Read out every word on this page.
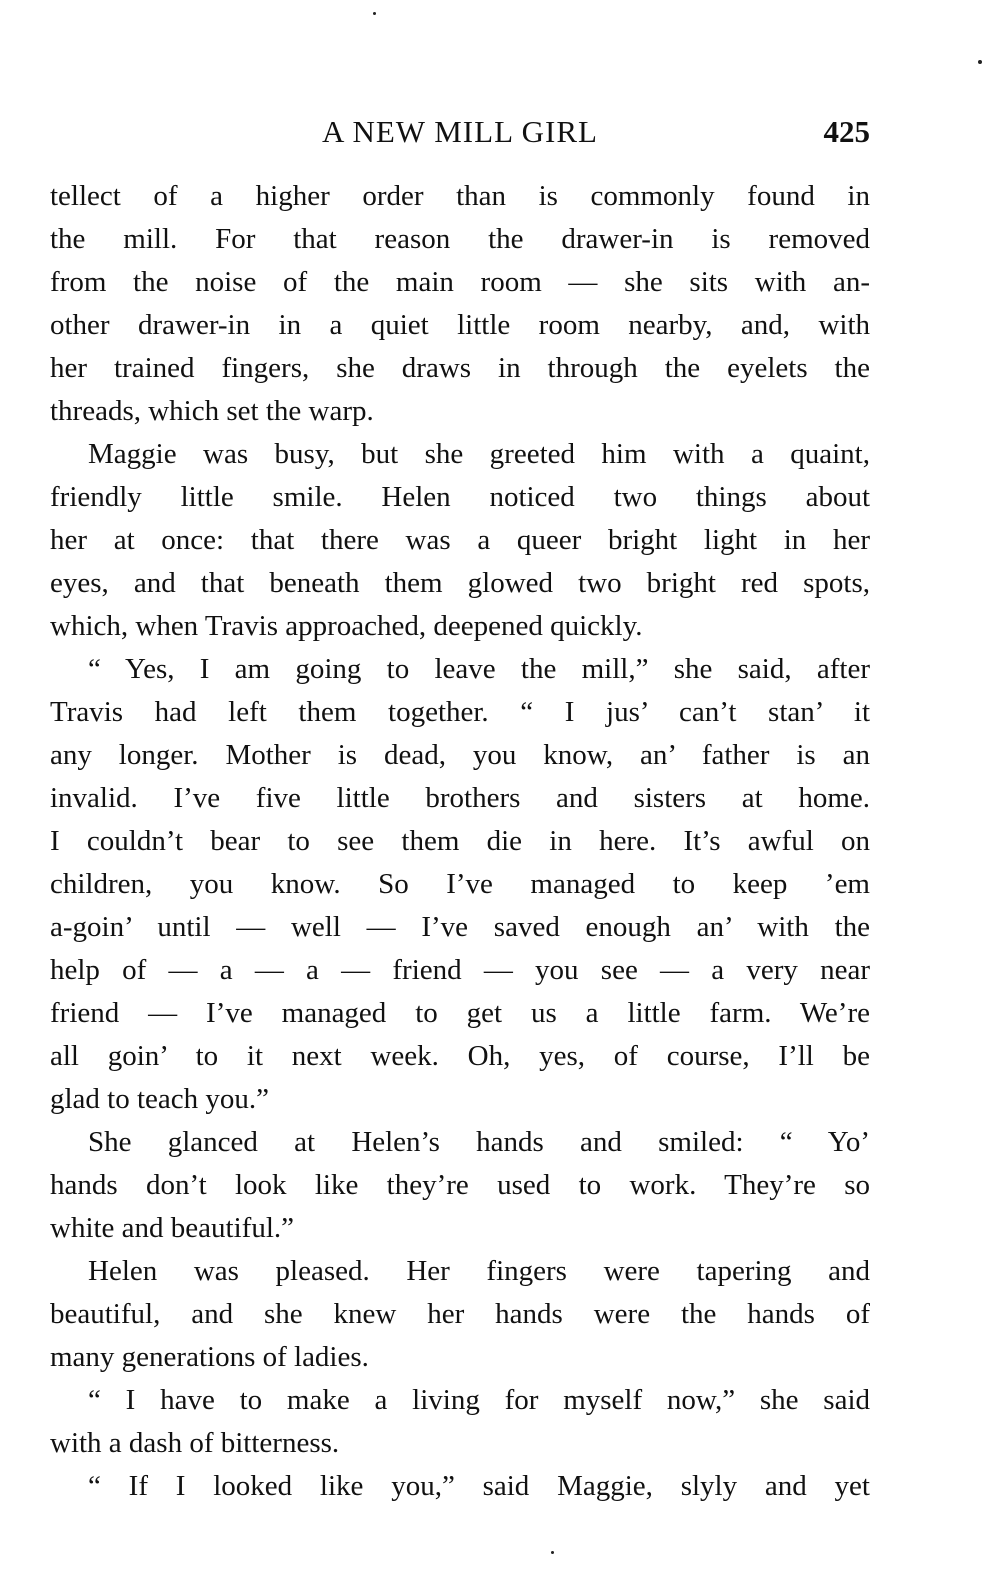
A NEW MILL GIRL	425
tellect of a higher order than is commonly found in
the mill. For that reason the drawer-in is removed
from the noise of the main room — she sits with an-
other drawer-in in a quiet little room nearby, and, with
her trained fingers, she draws in through the eyelets the
threads, which set the warp.
Maggie was busy, but she greeted him with a quaint,
friendly little smile. Helen noticed two things about
her at once: that there was a queer bright light in her
eyes, and that beneath them glowed two bright red spots,
which, when Travis approached, deepened quickly.
“ Yes, I am going to leave the mill,” she said, after
Travis had left them together. “ I jus’ can’t stan’ it
any longer. Mother is dead, you know, an’ father is an
invalid. I’ve five little brothers and sisters at home.
I couldn’t bear to see them die in here. It’s awful on
children, you know. So I’ve managed to keep ’em
a-goin’ until — well — I’ve saved enough an’ with the
help of — a — a — friend — you see — a very near
friend — I’ve managed to get us a little farm. We’re
all goin’ to it next week. Oh, yes, of course, I’ll be
glad to teach you.”
She glanced at Helen’s hands and smiled: “ Yo’
hands don’t look like they’re used to work. They’re so
white and beautiful.”
Helen was pleased. Her fingers were tapering and
beautiful, and she knew her hands were the hands of
many generations of ladies.
“ I have to make a living for myself now,” she said
with a dash of bitterness.
“ If I looked like you,” said Maggie, slyly and yet
